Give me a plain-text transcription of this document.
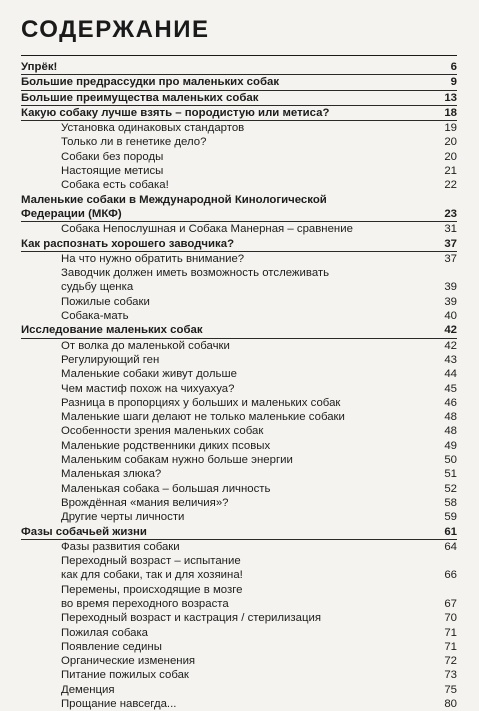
СОДЕРЖАНИЕ
Упрёк!	6
Большие предрассудки про маленьких собак	9
Большие преимущества маленьких собак	13
Какую собаку лучше взять – породистую или метиса?	18
Установка одинаковых стандартов	19
Только ли в генетике дело?	20
Собаки без породы	20
Настоящие метисы	21
Собака есть собака!	22
Маленькие собаки в Международной Кинологической
Федерации (МКФ)	23
Собака Непослушная и Собака Манерная – сравнение	31
Как распознать хорошего заводчика?	37
На что нужно обратить внимание?	37
Заводчик должен иметь возможность отслеживать
судьбу щенка	39
Пожилые собаки	39
Собака-мать	40
Исследование маленьких собак	42
От волка до маленькой собачки	42
Регулирующий ген	43
Маленькие собаки живут дольше	44
Чем мастиф похож на чихуахуа?	45
Разница в пропорциях у больших и маленьких собак	46
Маленькие шаги делают не только маленькие собаки	48
Особенности зрения маленьких собак	48
Маленькие родственники диких псовых	49
Маленьким собакам нужно больше энергии	50
Маленькая злюка?	51
Маленькая собака – большая личность	52
Врождённая «мания величия»?	58
Другие черты личности	59
Фазы собачьей жизни	61
Фазы развития собаки	64
Переходный возраст – испытание
как для собаки, так и для хозяина!	66
Перемены, происходящие в мозге
во время переходного возраста	67
Переходный возраст и кастрация / стерилизация	70
Пожилая собака	71
Появление седины	71
Органические изменения	72
Питание пожилых собак	73
Деменция	75
Прощание навсегда...	80
